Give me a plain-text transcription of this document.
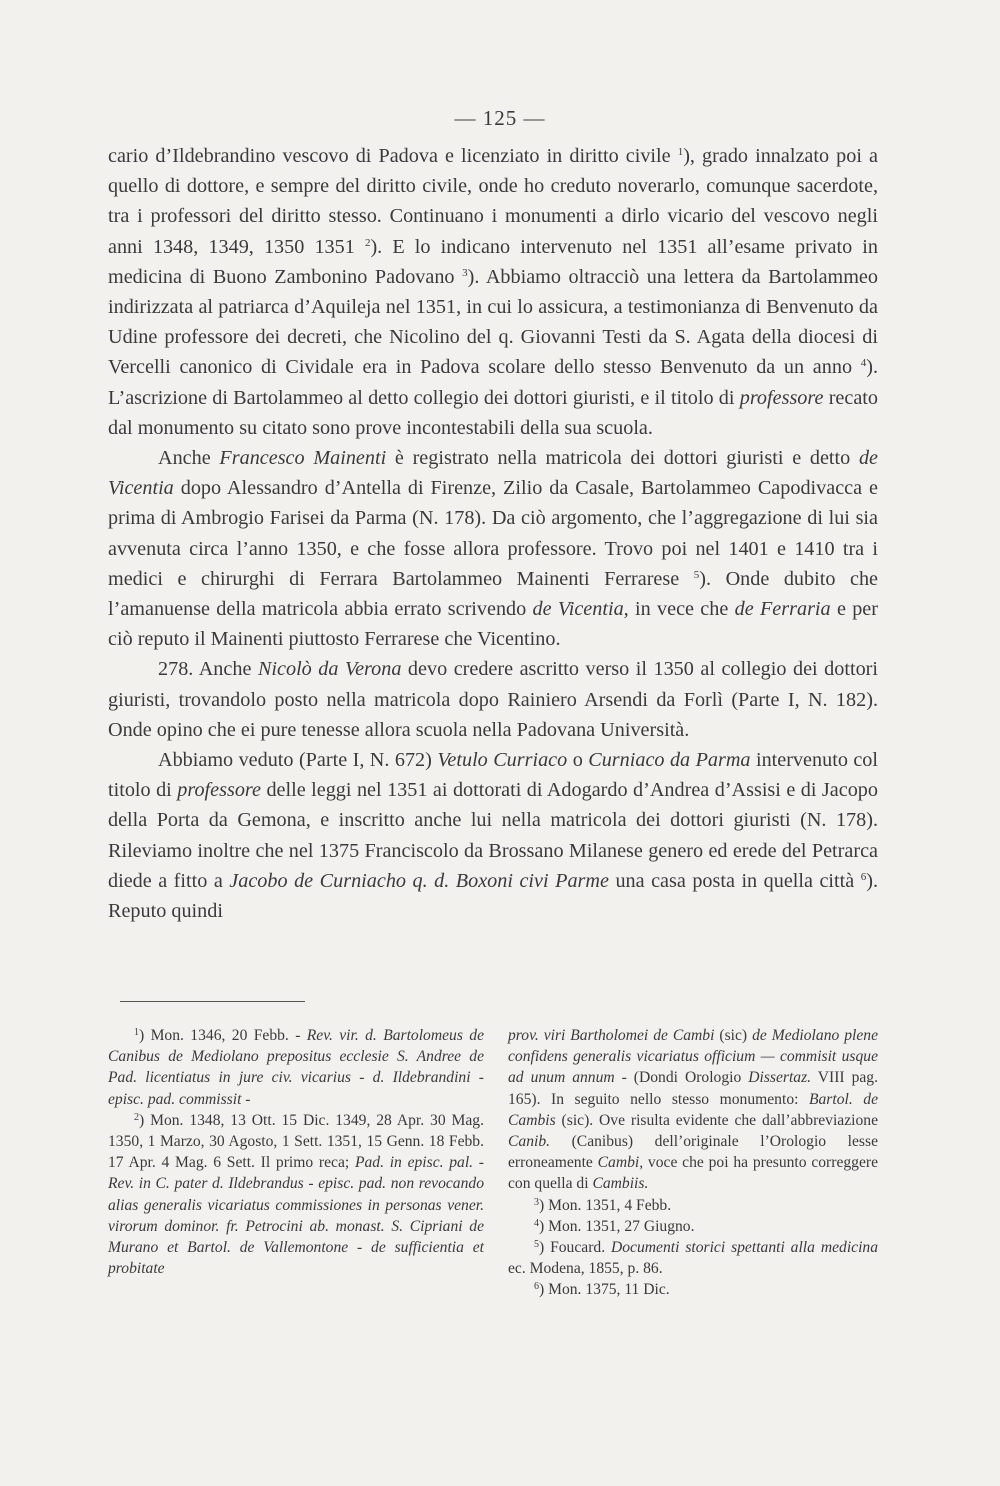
— 125 —

cario d’Ildebrandino vescovo di Padova e licenziato in diritto civile $^1$), grado innalzato poi a quello di dottore, e sempre del diritto civile, onde ho creduto noverarlo, comunque sacerdote, tra i professori del diritto stesso. Continuano i monumenti a dirlo vicario del vescovo negli anni 1348, 1349, 1350 1351 $^2$). E lo indicano intervenuto nel 1351 all’esame privato in medicina di Buono Zambonino Padovano $^3$). Abbiamo oltracciò una lettera da Bartolammeo indirizzata al patriarca d’Aquileja nel 1351, in cui lo assicura, a testimonianza di Benvenuto da Udine professore dei decreti, che Nicolino del q. Giovanni Testi da S. Agata della diocesi di Vercelli canonico di Cividale era in Padova scolare dello stesso Benvenuto da un anno $^4$). L’ascrizione di Bartolammeo al detto collegio dei dottori giuristi, e il titolo di professore recato dal monumento su citato sono prove incontestabili della sua scuola.

Anche Francesco Mainenti è registrato nella matricola dei dottori giuristi e detto de Vicentia dopo Alessandro d’Antella di Firenze, Zilio da Casale, Bartolammeo Capodivacca e prima di Ambrogio Farisei da Parma (N. 178). Da ciò argomento, che l’aggregazione di lui sia avvenuta circa l’anno 1350, e che fosse allora professore. Trovo poi nel 1401 e 1410 tra i medici e chirurghi di Ferrara Bartolammeo Mainenti Ferrarese $^5$). Onde dubito che l’amanuense della matricola abbia errato scrivendo de Vicentia, in vece che de Ferraria e per ciò reputo il Mainenti piuttosto Ferrarese che Vicentino.

278. Anche Nicolò da Verona devo credere ascritto verso il 1350 al collegio dei dottori giuristi, trovandolo posto nella matricola dopo Rainiero Arsendi da Forlì (Parte I, N. 182). Onde opino che ei pure tenesse allora scuola nella Padovana Università.

Abbiamo veduto (Parte I, N. 672) Vetulo Curriaco o Curniaco da Parma intervenuto col titolo di professore delle leggi nel 1351 ai dottorati di Adogardo d’Andrea d’Assisi e di Jacopo della Porta da Gemona, e inscritto anche lui nella matricola dei dottori giuristi (N. 178). Rileviamo inoltre che nel 1375 Franciscolo da Brossano Milanese genero ed erede del Petrarca diede a fitto a Jacobo de Curniacho q. d. Boxoni civi Parme una casa posta in quella città $^6$). Reputo quindi

$^1$) Mon. 1346, 20 Febb. - Rev. vir. d. Bartolomeus de Canibus de Mediolano prepositus ecclesie S. Andree de Pad. licentiatus in jure civ. vicarius - d. Ildebrandini - episc. pad. commissit -

$^2$) Mon. 1348, 13 Ott. 15 Dic. 1349, 28 Apr. 30 Mag. 1350, 1 Marzo, 30 Agosto, 1 Sett. 1351, 15 Genn. 18 Febb. 17 Apr. 4 Mag. 6 Sett. Il primo reca; Pad. in episc. pal. - Rev. in C. pater d. Ildebrandus - episc. pad. non revocando alias generalis vicariatus commissiones in personas vener. virorum dominor. fr. Petrocini ab. monast. S. Cipriani de Murano et Bartol. de Vallemontone - de sufficientia et probitate

prov. viri Bartholomei de Cambi (sic) de Mediolano plene confidens generalis vicariatus officium — commisit usque ad unum annum - (Dondi Orologio Dissertaz. VIII pag. 165). In seguito nello stesso monumento: Bartol. de Cambis (sic). Ove risulta evidente che dall’abbreviazione Canib. (Canibus) dell’originale l’Orologio lesse erroneamente Cambi, voce che poi ha presunto correggere con quella di Cambiis.

$^3$) Mon. 1351, 4 Febb.

$^4$) Mon. 1351, 27 Giugno.

$^5$) Foucard. Documenti storici spettanti alla medicina ec. Modena, 1855, p. 86.

$^6$) Mon. 1375, 11 Dic.
